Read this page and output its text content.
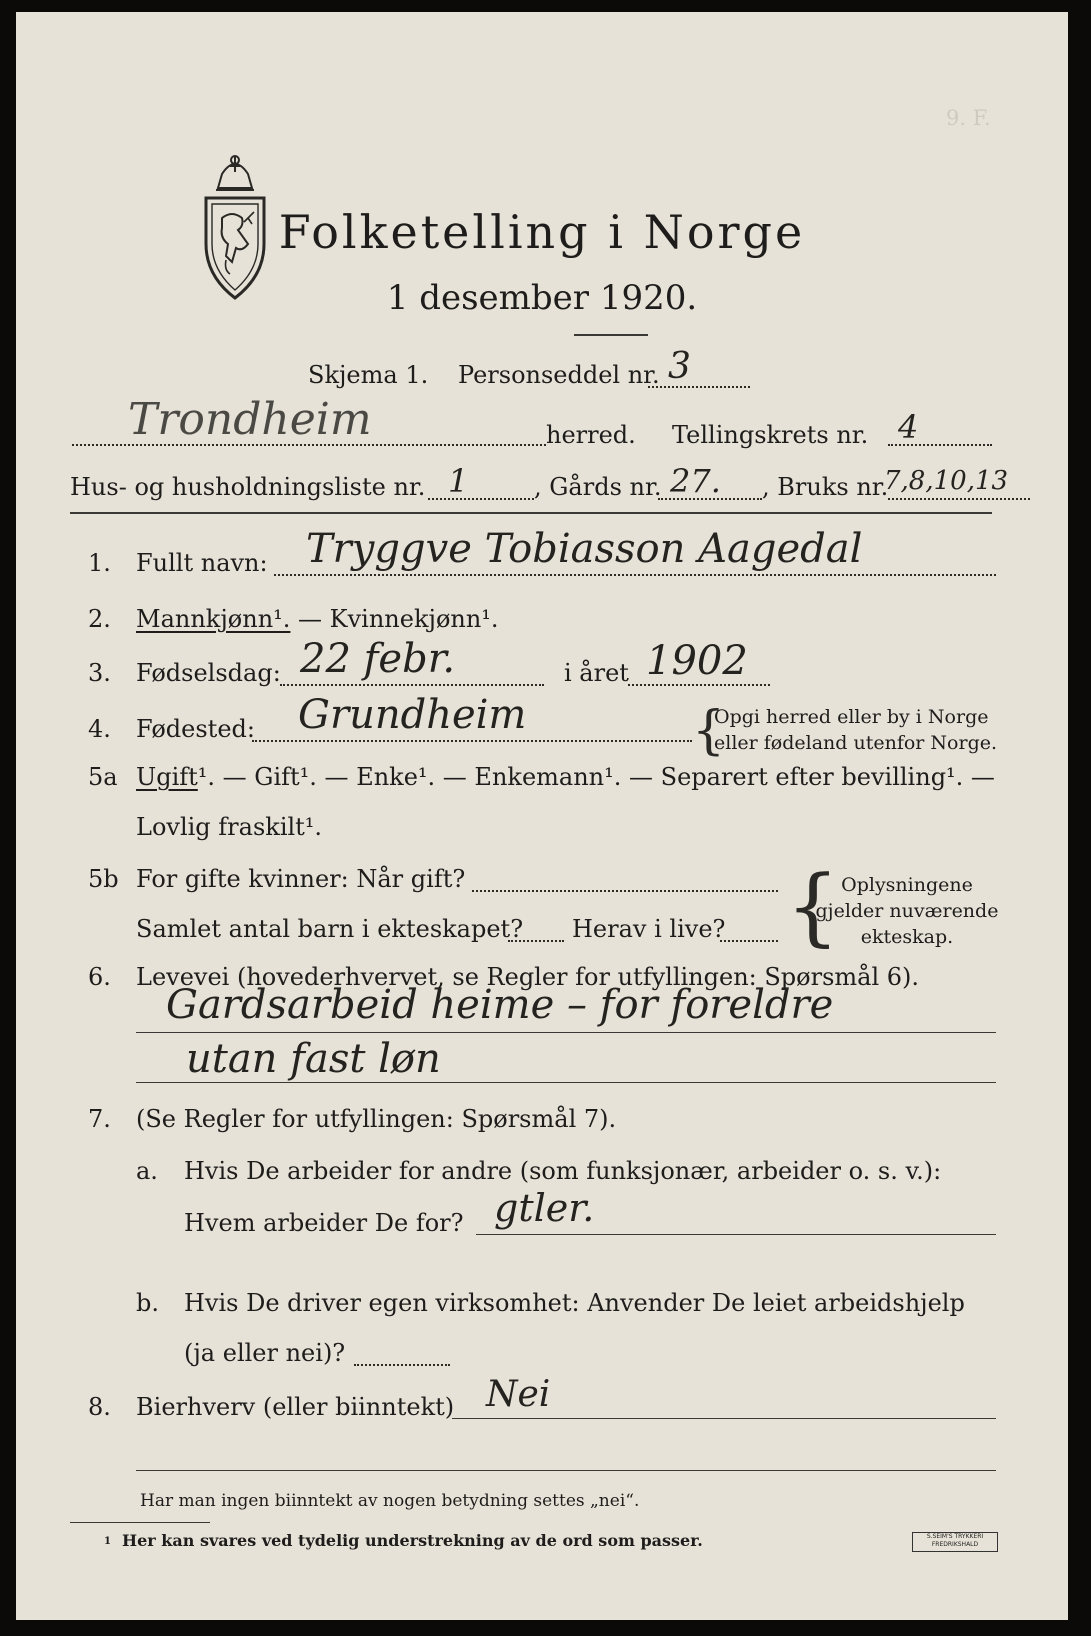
9. F.
Folketelling i Norge
1 desember 1920.
Skjema 1. Personseddel nr. 3
Trondheim	herred. Tellingskrets nr. 4
Hus- og husholdningsliste nr. 1	, Gårds nr. 27. , Bruks nr.
7,8,10,13
1.	Fullt navn: Tryggve Tobiasson Aagedal
2.	Mannkjønn¹. — Kvinnekjønn¹.
3.	Fødselsdag: 22 febr.	i året 1902
4.	Fødested: Grundheim	{
Opgi herred eller by i Norge
eller fødeland utenfor Norge.
5a Ugift¹. — Gift¹. — Enke¹. — Enkemann¹. — Separert efter bevilling¹. —
Lovlig fraskilt¹.
5b For gifte kvinner: Når gift?
Samlet antal barn i ekteskapet? Herav i live? { Oplysningene
gjelder nuværende
ekteskap.
6.	Levevei (hovederhvervet, se Regler for utfyllingen: Spørsmål 6).
Gardsarbeid heime – for foreldre
utan fast løn
7.	(Se Regler for utfyllingen: Spørsmål 7).
a. Hvis De arbeider for andre (som funksjonær, arbeider o. s. v.):
Hvem arbeider De for? gtler.
b. Hvis De driver egen virksomhet: Anvender De leiet arbeidshjelp
(ja eller nei)?
8.	Bierhverv (eller biinntekt) Nei
Har man ingen biinntekt av nogen betydning settes „nei“.
1 Her kan svares ved tydelig understrekning av de ord som passer.	S.SEIM'S TRYKKERI FREDRIKSHALD
